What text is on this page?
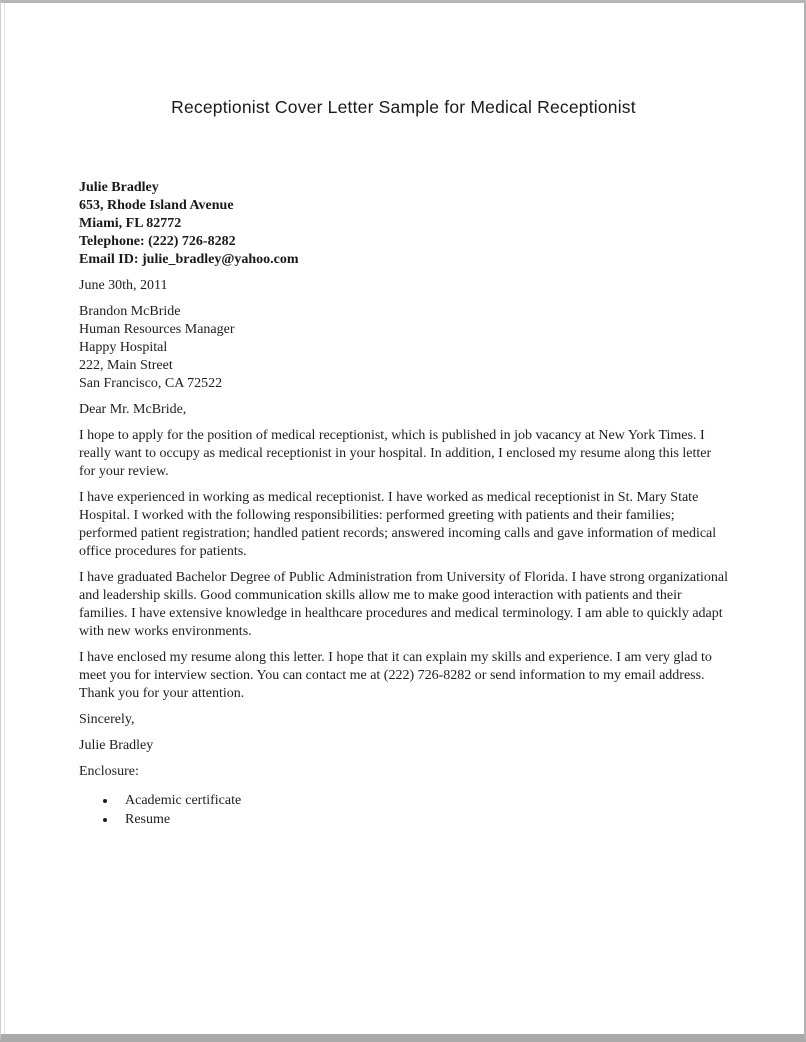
Receptionist Cover Letter Sample for Medical Receptionist
Julie Bradley
653, Rhode Island Avenue
Miami, FL 82772
Telephone: (222) 726-8282
Email ID: julie_bradley@yahoo.com

June 30th, 2011

Brandon McBride
Human Resources Manager
Happy Hospital
222, Main Street
San Francisco, CA 72522

Dear Mr. McBride,

I hope to apply for the position of medical receptionist, which is published in job vacancy at New York Times. I really want to occupy as medical receptionist in your hospital. In addition, I enclosed my resume along this letter for your review.

I have experienced in working as medical receptionist. I have worked as medical receptionist in St. Mary State Hospital. I worked with the following responsibilities: performed greeting with patients and their families; performed patient registration; handled patient records; answered incoming calls and gave information of medical office procedures for patients.

I have graduated Bachelor Degree of Public Administration from University of Florida. I have strong organizational and leadership skills. Good communication skills allow me to make good interaction with patients and their families. I have extensive knowledge in healthcare procedures and medical terminology. I am able to quickly adapt with new works environments.

I have enclosed my resume along this letter. I hope that it can explain my skills and experience. I am very glad to meet you for interview section. You can contact me at (222) 726-8282 or send information to my email address. Thank you for your attention.

Sincerely,

Julie Bradley

Enclosure:

• Academic certificate
• Resume
